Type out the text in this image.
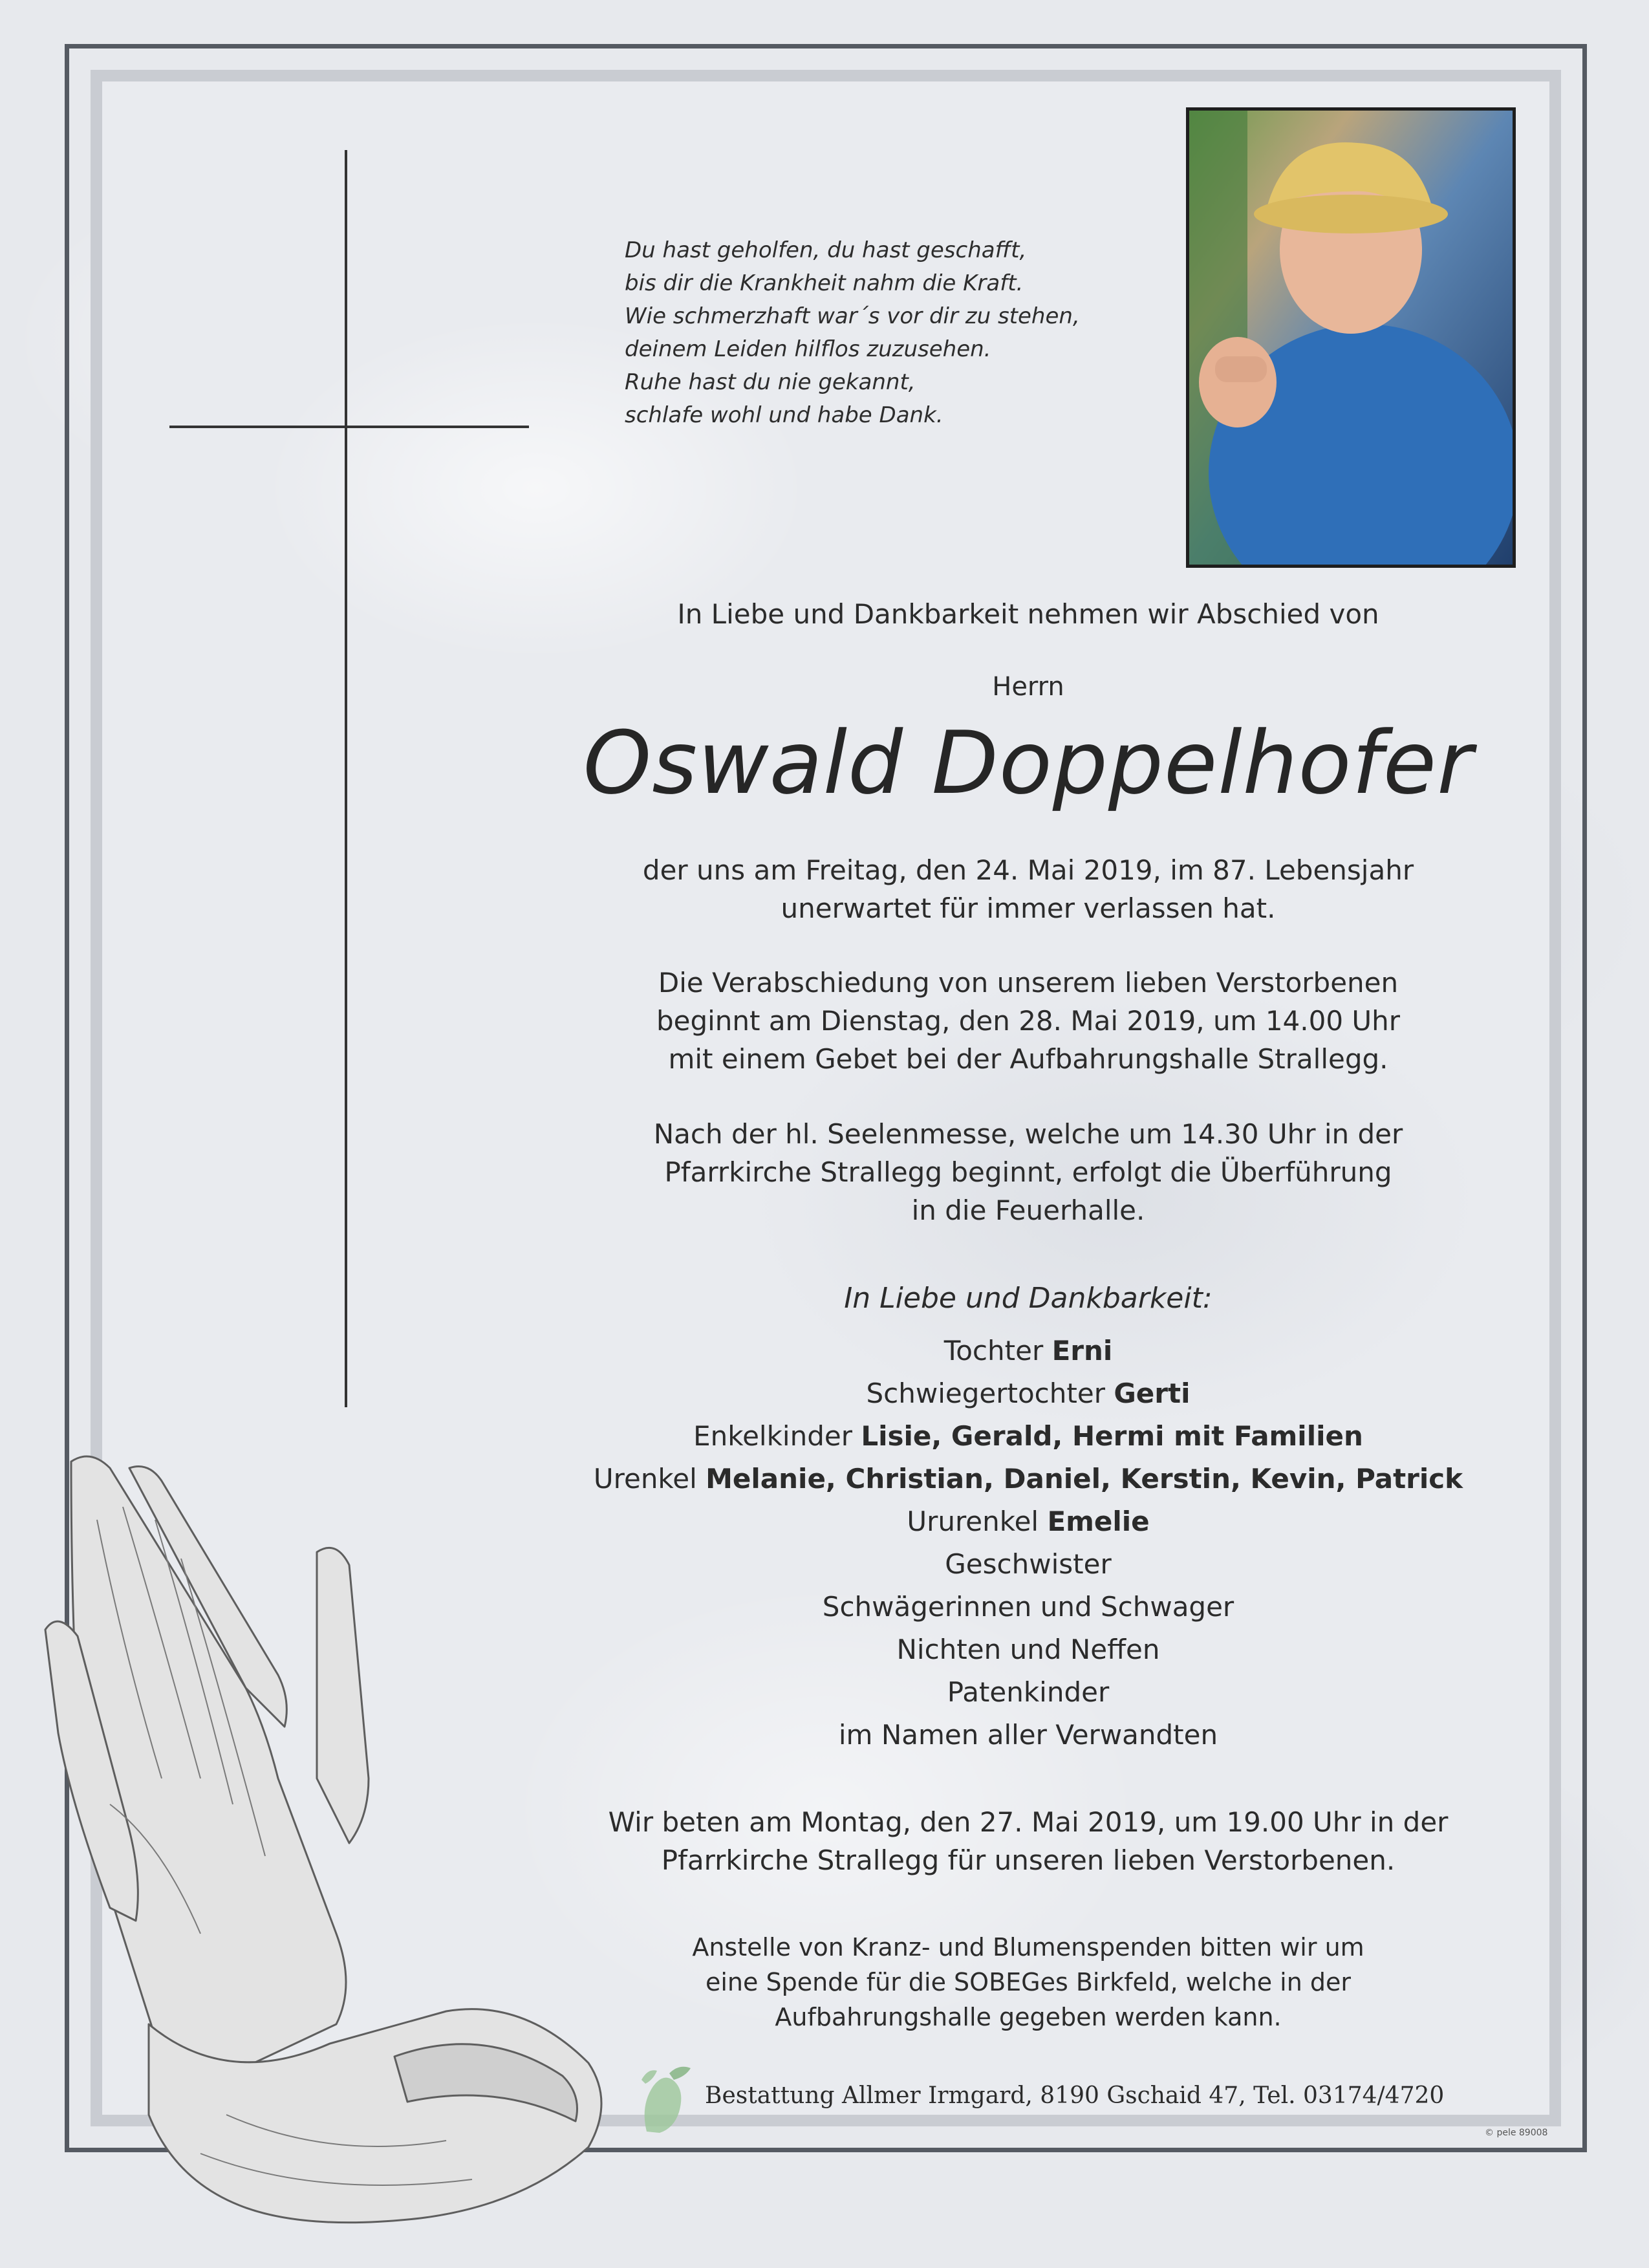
Du hast geholfen, du hast geschafft,
bis dir die Krankheit nahm die Kraft.
Wie schmerzhaft war´s vor dir zu stehen,
deinem Leiden hilflos zuzusehen.
Ruhe hast du nie gekannt,
schlafe wohl und habe Dank.
In Liebe und Dankbarkeit nehmen wir Abschied von
Herrn
Oswald Doppelhofer
der uns am Freitag, den 24. Mai 2019, im 87. Lebensjahr
unerwartet für immer verlassen hat.
Die Verabschiedung von unserem lieben Verstorbenen
beginnt am Dienstag, den 28. Mai 2019, um 14.00 Uhr
mit einem Gebet bei der Aufbahrungshalle Strallegg.
Nach der hl. Seelenmesse, welche um 14.30 Uhr in der
Pfarrkirche Strallegg beginnt, erfolgt die Überführung
in die Feuerhalle.
In Liebe und Dankbarkeit:
Tochter Erni
Schwiegertochter Gerti
Enkelkinder Lisie, Gerald, Hermi mit Familien
Urenkel Melanie, Christian, Daniel, Kerstin, Kevin, Patrick
Ururenkel Emelie
Geschwister
Schwägerinnen und Schwager
Nichten und Neffen
Patenkinder
im Namen aller Verwandten
Wir beten am Montag, den 27. Mai 2019, um 19.00 Uhr in der
Pfarrkirche Strallegg für unseren lieben Verstorbenen.
Anstelle von Kranz- und Blumenspenden bitten wir um
eine Spende für die SOBEGes Birkfeld, welche in der
Aufbahrungshalle gegeben werden kann.
Bestattung Allmer Irmgard, 8190 Gschaid 47, Tel. 03174/4720
© pele 89008
